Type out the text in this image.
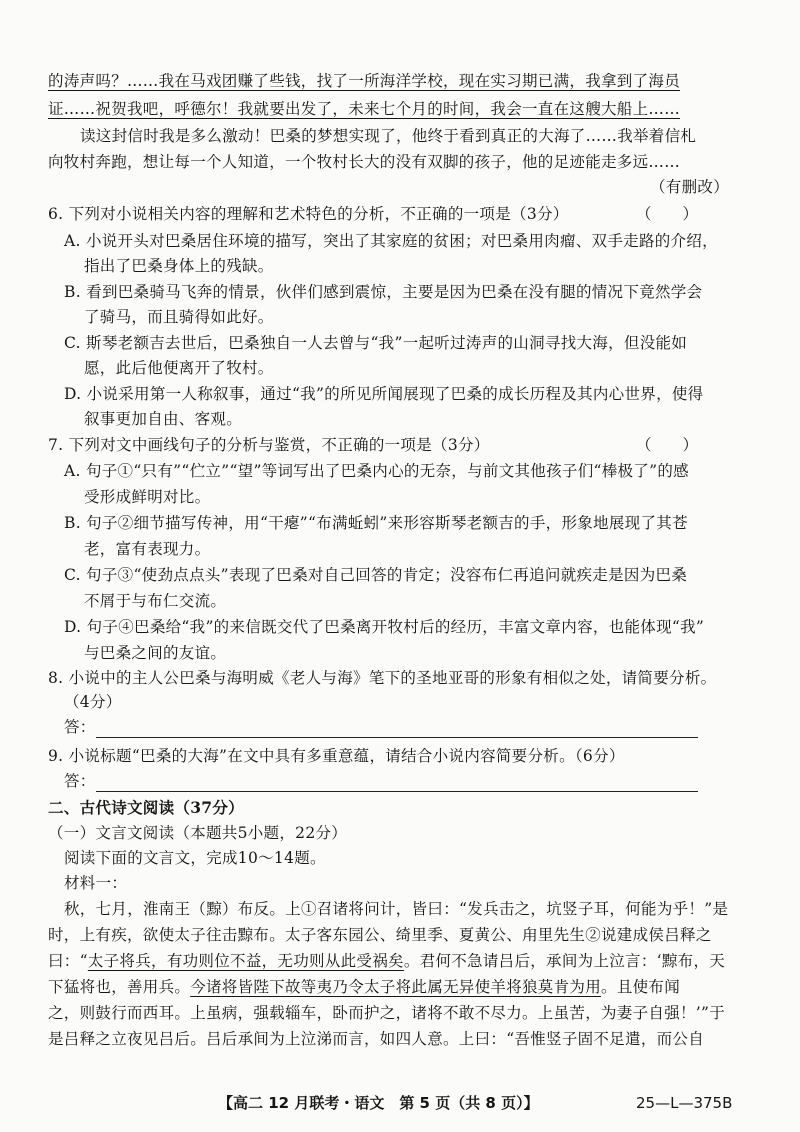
的涛声吗？……我在马戏团赚了些钱，找了一所海洋学校，现在实习期已满，我拿到了海员
证……祝贺我吧，呼德尔！我就要出发了，未来七个月的时间，我会一直在这艘大船上……
读这封信时我是多么激动！巴桑的梦想实现了，他终于看到真正的大海了……我举着信札
向牧村奔跑，想让每一个人知道，一个牧村长大的没有双脚的孩子，他的足迹能走多远……
（有删改）
6. 下列对小说相关内容的理解和艺术特色的分析，不正确的一项是（3分）	（　　）
A. 小说开头对巴桑居住环境的描写，突出了其家庭的贫困；对巴桑用肉瘤、双手走路的介绍，
指出了巴桑身体上的残缺。
B. 看到巴桑骑马飞奔的情景，伙伴们感到震惊，主要是因为巴桑在没有腿的情况下竟然学会
了骑马，而且骑得如此好。
C. 斯琴老额吉去世后，巴桑独自一人去曾与“我”一起听过涛声的山洞寻找大海，但没能如
愿，此后他便离开了牧村。
D. 小说采用第一人称叙事，通过“我”的所见所闻展现了巴桑的成长历程及其内心世界，使得
叙事更加自由、客观。
7. 下列对文中画线句子的分析与鉴赏，不正确的一项是（3分）	（　　）
A. 句子①“只有”“伫立”“望”等词写出了巴桑内心的无奈，与前文其他孩子们“棒极了”的感
受形成鲜明对比。
B. 句子②细节描写传神，用“干瘪”“布满蚯蚓”来形容斯琴老额吉的手，形象地展现了其苍
老，富有表现力。
C. 句子③“使劲点点头”表现了巴桑对自己回答的肯定；没容布仁再追问就疾走是因为巴桑
不屑于与布仁交流。
D. 句子④巴桑给“我”的来信既交代了巴桑离开牧村后的经历，丰富文章内容，也能体现“我”
与巴桑之间的友谊。
8. 小说中的主人公巴桑与海明威《老人与海》笔下的圣地亚哥的形象有相似之处，请简要分析。
（4分）
答：
9. 小说标题“巴桑的大海”在文中具有多重意蕴，请结合小说内容简要分析。（6分）
答：
二、古代诗文阅读（37分）
（一）文言文阅读（本题共5小题，22分）
阅读下面的文言文，完成10～14题。
材料一：
秋，七月，淮南王（黥）布反。上①召诸将问计，皆曰：“发兵击之，坑竖子耳，何能为乎！”是
时，上有疾，欲使太子往击黥布。太子客东园公、绮里季、夏黄公、甪里先生②说建成侯吕释之
曰：“太子将兵，有功则位不益，无功则从此受祸矣。君何不急请吕后，承间为上泣言：‘黥布，天
下猛将也，善用兵。今诸将皆陛下故等夷乃令太子将此属无异使羊将狼莫肯为用。且使布闻
之，则鼓行而西耳。上虽病，强载辎车，卧而护之，诸将不敢不尽力。上虽苦，为妻子自强！’”于
是吕释之立夜见吕后。吕后承间为上泣涕而言，如四人意。上曰：“吾惟竖子固不足遣，而公自
【高二 12 月联考・语文　第 5 页（共 8 页）】	25—L—375B
